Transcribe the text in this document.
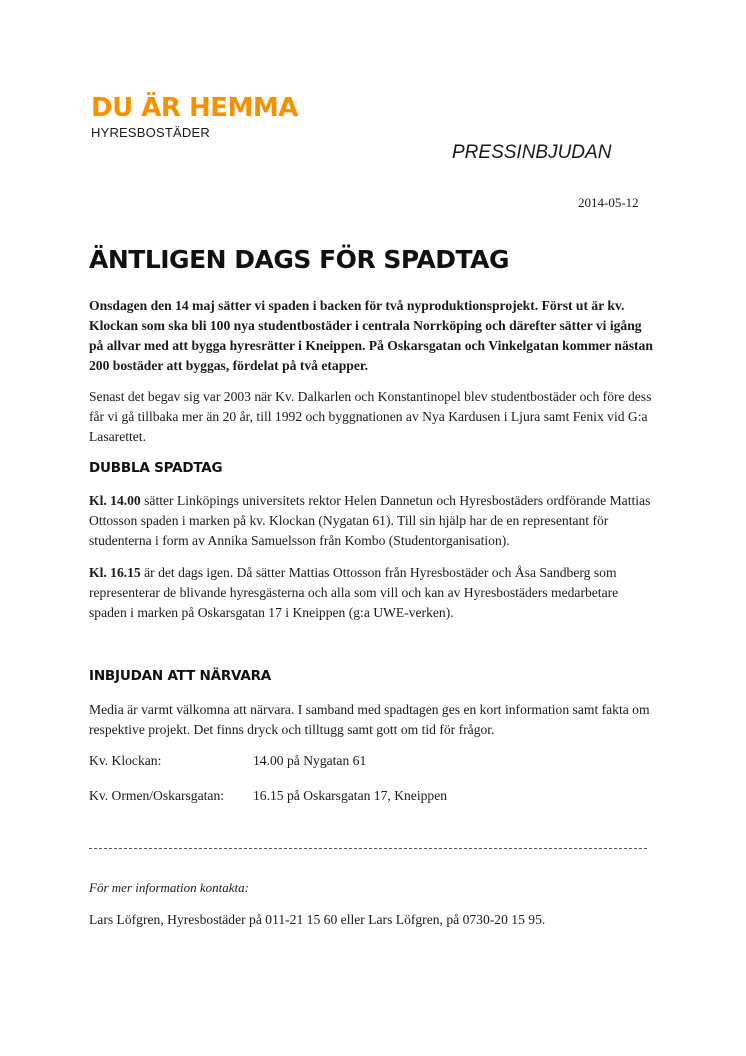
DU ÄR HEMMA
HYRESBOSTÄDER
PRESSINBJUDAN
2014-05-12
ÄNTLIGEN DAGS FÖR SPADTAG

Onsdagen den 14 maj sätter vi spaden i backen för två nyproduktionsprojekt. Först ut är kv. Klockan som ska bli 100 nya studentbostäder i centrala Norrköping och därefter sätter vi igång på allvar med att bygga hyresrätter i Kneippen. På Oskarsgatan och Vinkelgatan kommer nästan 200 bostäder att byggas, fördelat på två etapper.

Senast det begav sig var 2003 när Kv. Dalkarlen och Konstantinopel blev studentbostäder och före dess får vi gå tillbaka mer än 20 år, till 1992 och byggnationen av Nya Kardusen i Ljura samt Fenix vid G:a Lasarettet.

DUBBLA SPADTAG

Kl. 14.00 sätter Linköpings universitets rektor Helen Dannetun och Hyresbostäders ordförande Mattias Ottosson spaden i marken på kv. Klockan (Nygatan 61). Till sin hjälp har de en representant för studenterna i form av Annika Samuelsson från Kombo (Studentorganisation).

Kl. 16.15 är det dags igen. Då sätter Mattias Ottosson från Hyresbostäder och Åsa Sandberg som representerar de blivande hyresgästerna och alla som vill och kan av Hyresbostäders medarbetare spaden i marken på Oskarsgatan 17 i Kneippen (g:a UWE-verken).

INBJUDAN ATT NÄRVARA

Media är varmt välkomna att närvara. I samband med spadtagen ges en kort information samt fakta om respektive projekt. Det finns dryck och tilltugg samt gott om tid för frågor.

Kv. Klockan:	14.00 på Nygatan 61
Kv. Ormen/Oskarsgatan: 16.15 på Oskarsgatan 17, Kneippen
För mer information kontakta:
Lars Löfgren, Hyresbostäder på 011-21 15 60 eller Lars Löfgren, på 0730-20 15 95.
